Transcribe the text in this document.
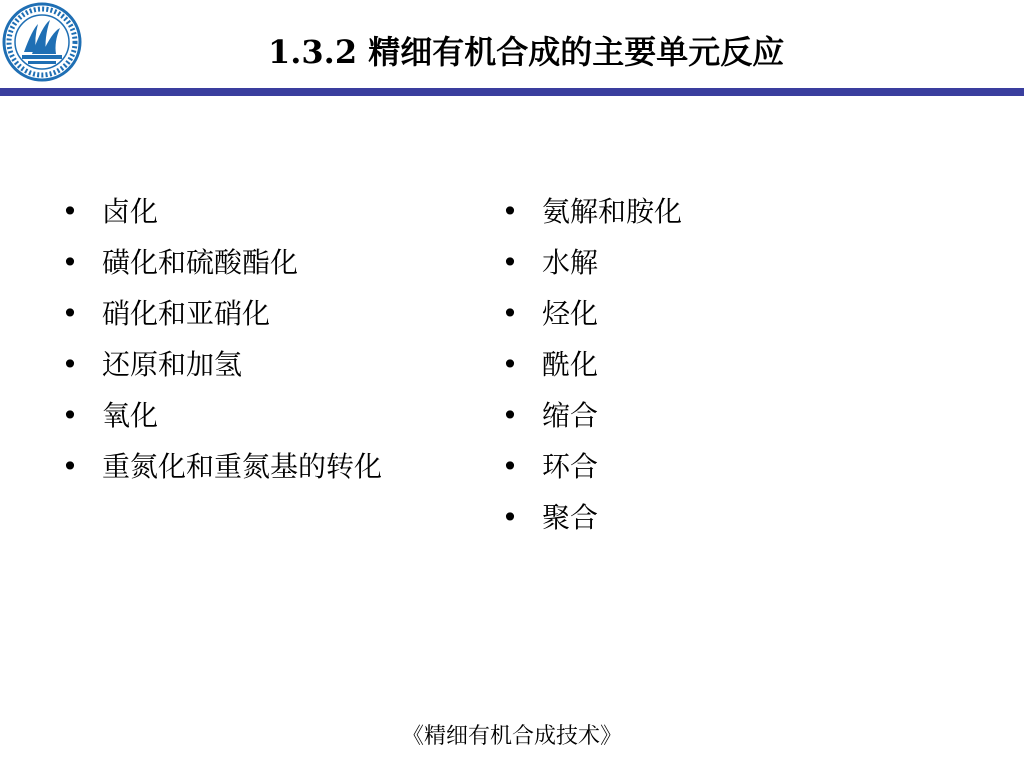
1.3.2 精细有机合成的主要单元反应
• 卤化
• 磺化和硫酸酯化
• 硝化和亚硝化
• 还原和加氢
• 氧化
• 重氮化和重氮基的转化
• 氨解和胺化
• 水解
• 烃化
• 酰化
• 缩合
• 环合
• 聚合
《精细有机合成技术》
